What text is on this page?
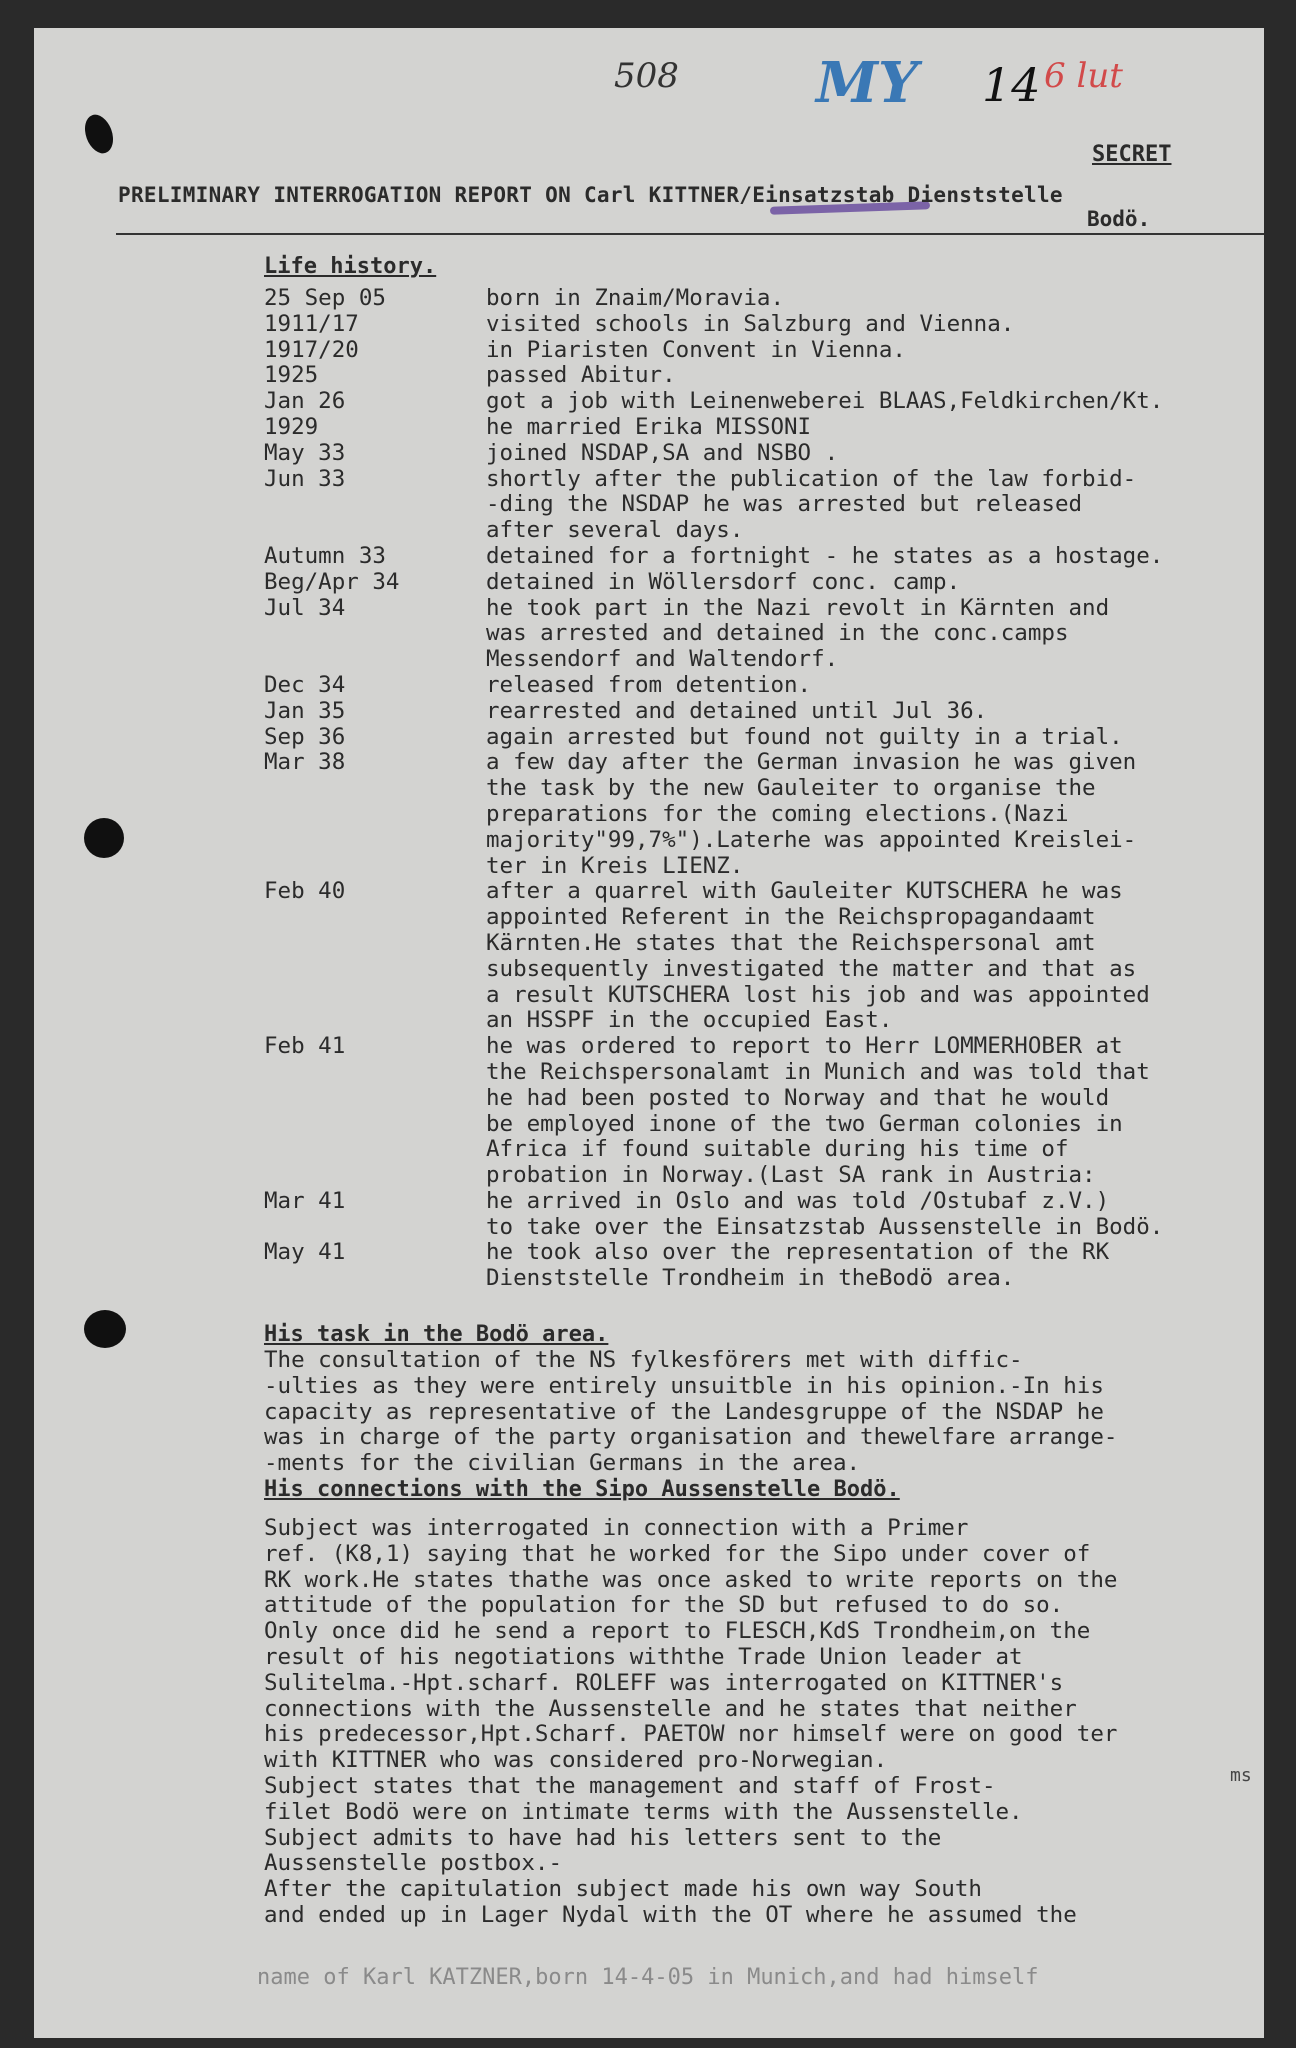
508 MY 14 6 lut
SECRET
PRELIMINARY INTERROGATION REPORT ON Carl KITTNER/Einsatzstab Dienststelle
Bodö.
Life history.
25 Sep 05	born in Znaim/Moravia.
1911/17	visited schools in Salzburg and Vienna.
1917/20	in Piaristen Convent in Vienna.
1925	passed Abitur.
Jan 26	got a job with Leinenweberei BLAAS,Feldkirchen/Kt.
1929	he married Erika MISSONI
May 33	joined NSDAP,SA and NSBO .
Jun 33	shortly after the publication of the law forbid-
-ding the NSDAP he was arrested but released
after several days.
Autumn 33	detained for a fortnight - he states as a hostage.
Beg/Apr 34	detained in Wöllersdorf conc. camp.
Jul 34	he took part in the Nazi revolt in Kärnten and
was arrested and detained in the conc.camps
Messendorf and Waltendorf.
Dec 34	released from detention.
Jan 35	rearrested and detained until Jul 36.
Sep 36	again arrested but found not guilty in a trial.
Mar 38	a few day after the German invasion he was given
the task by the new Gauleiter to organise the
preparations for the coming elections.(Nazi
majority"99,7%").Laterhe was appointed Kreislei-
ter in Kreis LIENZ.
Feb 40	after a quarrel with Gauleiter KUTSCHERA he was
appointed Referent in the Reichspropagandaamt
Kärnten.He states that the Reichspersonal amt
subsequently investigated the matter and that as
a result KUTSCHERA lost his job and was appointed
an HSSPF in the occupied East.
Feb 41	he was ordered to report to Herr LOMMERHOBER at
the Reichspersonalamt in Munich and was told that
he had been posted to Norway and that he would
be employed inone of the two German colonies in
Africa if found suitable during his time of
probation in Norway.(Last SA rank in Austria:
Mar 41	he arrived in Oslo and was told /Ostubaf z.V.)
to take over the Einsatzstab Aussenstelle in Bodö.
May 41	he took also over the representation of the RK
Dienststelle Trondheim in theBodö area.
His task in the Bodö area.
The consultation of the NS fylkesförers met with diffic-
-ulties as they were entirely unsuitble in his opinion.-In his
capacity as representative of the Landesgruppe of the NSDAP he
was in charge of the party organisation and thewelfare arrange-
-ments for the civilian Germans in the area.
His connections with the Sipo Aussenstelle Bodö.
Subject was interrogated in connection with a Primer
ref. (K8,1) saying that he worked for the Sipo under cover of
RK work.He states thathe was once asked to write reports on the
attitude of the population for the SD but refused to do so.
Only once did he send a report to FLESCH,KdS Trondheim,on the
result of his negotiations withthe Trade Union leader at
Sulitelma.-Hpt.scharf. ROLEFF was interrogated on KITTNER's
connections with the Aussenstelle and he states that neither
his predecessor,Hpt.Scharf. PAETOW nor himself were on good ter
with KITTNER who was considered pro-Norwegian.
Subject states that the management and staff of Frost-
filet Bodö were on intimate terms with the Aussenstelle.
Subject admits to have had his letters sent to the
Aussenstelle postbox.-
After the capitulation subject made his own way South
and ended up in Lager Nydal with the OT where he assumed the
ms
name of Karl KATZNER,born 14-4-05 in Munich,and had himself
